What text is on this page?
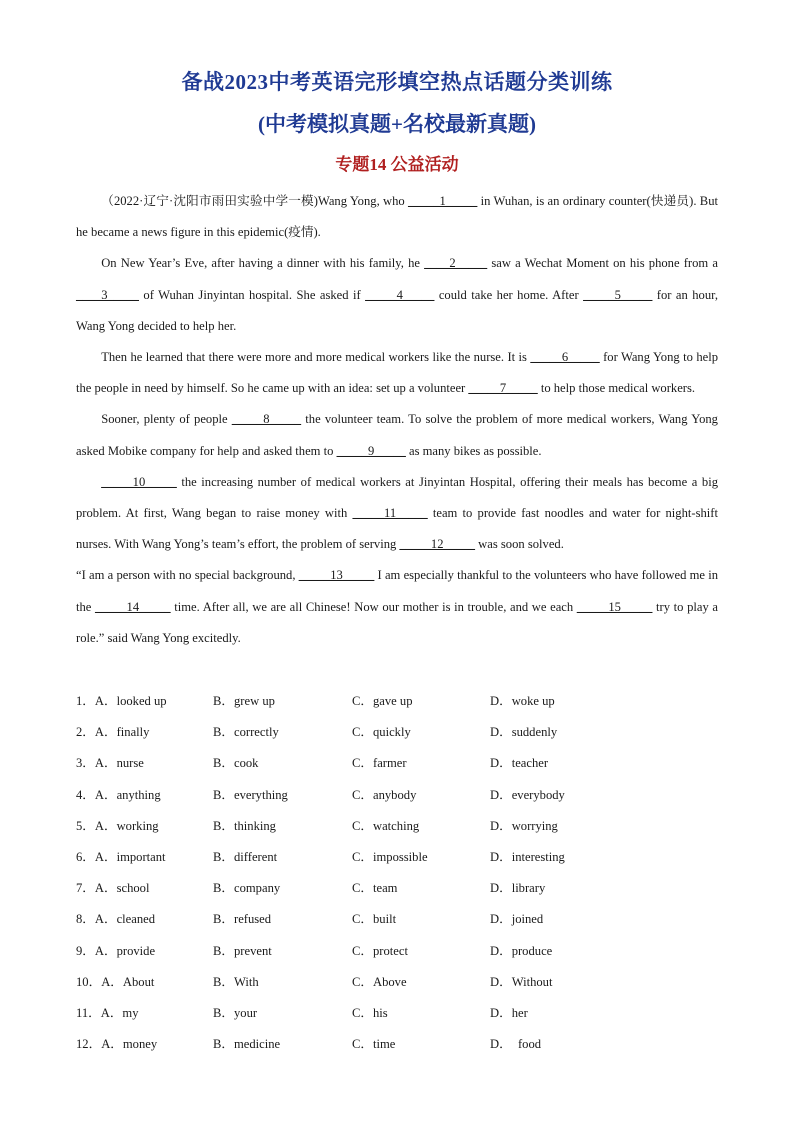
备战2023中考英语完形填空热点话题分类训练
(中考模拟真题+名校最新真题)
专题14 公益活动

（2022·辽宁·沈阳市雨田实验中学一模)Wang Yong, who _____1_____ in Wuhan, is an ordinary counter(快递员). But he became a news figure in this epidemic(疫情).

On New Year’s Eve, after having a dinner with his family, he ____2_____ saw a Wechat Moment on his phone from a ____3_____ of Wuhan Jinyintan hospital. She asked if _____4_____ could take her home. After _____5_____ for an hour, Wang Yong decided to help her.

Then he learned that there were more and more medical workers like the nurse. It is _____6_____ for Wang Yong to help the people in need by himself. So he came up with an idea: set up a volunteer _____7_____ to help those medical workers.

Sooner, plenty of people _____8_____ the volunteer team. To solve the problem of more medical workers, Wang Yong asked Mobike company for help and asked them to _____9_____ as many bikes as possible.

_____10_____ the increasing number of medical workers at Jinyintan Hospital, offering their meals has become a big problem. At first, Wang began to raise money with _____11_____ team to provide fast noodles and water for night-shift nurses. With Wang Yong’s team’s effort, the problem of serving _____12_____ was soon solved.

“I am a person with no special background, _____13_____ I am especially thankful to the volunteers who have followed me in the _____14_____ time. After all, we are all Chinese! Now our mother is in trouble, and we each _____15_____ try to play a role.” said Wang Yong excitedly.

1．A．looked up	B．grew up	C．gave up	D．woke up
2．A．finally	B．correctly	C．quickly	D．suddenly
3．A．nurse	B．cook	C．farmer	D．teacher
4．A．anything	B．everything	C．anybody	D．everybody
5．A．working	B．thinking	C．watching	D．worrying
6．A．important	B．different	C．impossible	D．interesting
7．A．school	B．company	C．team	D．library
8．A．cleaned	B．refused	C．built	D．joined
9．A．provide	B．prevent	C．protect	D．produce
10．A．About	B．With	C．Above	D．Without
11．A．my	B．your	C．his	D．her
12．A．money	B．medicine	C．time	D．  food
